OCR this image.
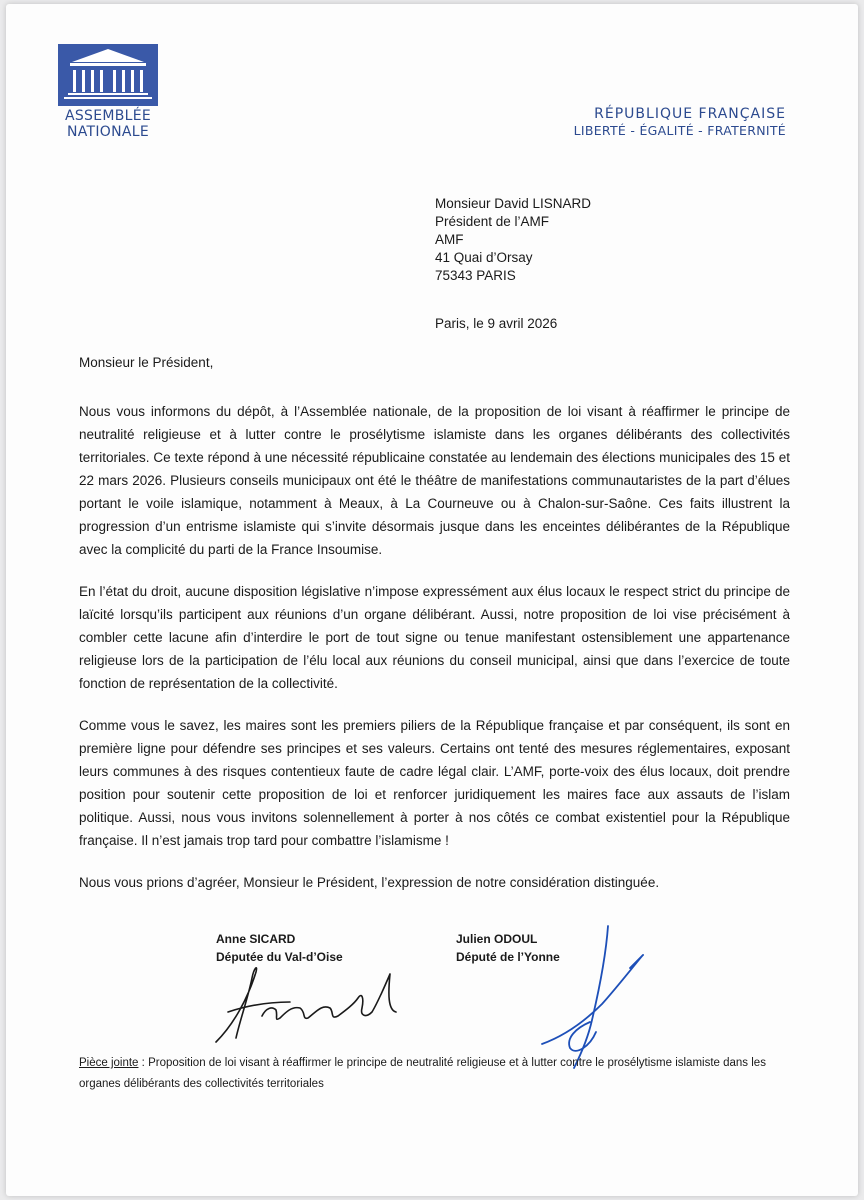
ASSEMBLÉE
NATIONALE
RÉPUBLIQUE FRANÇAISE
LIBERTÉ - ÉGALITÉ - FRATERNITÉ
Monsieur David LISNARD
Président de l’AMF
AMF
41 Quai d’Orsay
75343 PARIS
Paris, le 9 avril 2026
Monsieur le Président,

Nous vous informons du dépôt, à l’Assemblée nationale, de la proposition de loi visant à réaffirmer le principe de neutralité religieuse et à lutter contre le prosélytisme islamiste dans les organes délibérants des collectivités territoriales. Ce texte répond à une nécessité républicaine constatée au lendemain des élections municipales des 15 et 22 mars 2026. Plusieurs conseils municipaux ont été le théâtre de manifestations communautaristes de la part d’élues portant le voile islamique, notamment à Meaux, à La Courneuve ou à Chalon-sur-Saône. Ces faits illustrent la progression d’un entrisme islamiste qui s’invite désormais jusque dans les enceintes délibérantes de la République avec la complicité du parti de la France Insoumise.

En l’état du droit, aucune disposition législative n’impose expressément aux élus locaux le respect strict du principe de laïcité lorsqu’ils participent aux réunions d’un organe délibérant. Aussi, notre proposition de loi vise précisément à combler cette lacune afin d’interdire le port de tout signe ou tenue manifestant ostensiblement une appartenance religieuse lors de la participation de l’élu local aux réunions du conseil municipal, ainsi que dans l’exercice de toute fonction de représentation de la collectivité.

Comme vous le savez, les maires sont les premiers piliers de la République française et par conséquent, ils sont en première ligne pour défendre ses principes et ses valeurs. Certains ont tenté des mesures réglementaires, exposant leurs communes à des risques contentieux faute de cadre légal clair. L’AMF, porte-voix des élus locaux, doit prendre position pour soutenir cette proposition de loi et renforcer juridiquement les maires face aux assauts de l’islam politique. Aussi, nous vous invitons solennellement à porter à nos côtés ce combat existentiel pour la République française. Il n’est jamais trop tard pour combattre l’islamisme !

Nous vous prions d’agréer, Monsieur le Président, l’expression de notre considération distinguée.

Anne SICARD
Députée du Val-d’Oise
Julien ODOUL
Député de l’Yonne
Pièce jointe : Proposition de loi visant à réaffirmer le principe de neutralité religieuse et à lutter contre le prosélytisme islamiste dans les organes délibérants des collectivités territoriales
